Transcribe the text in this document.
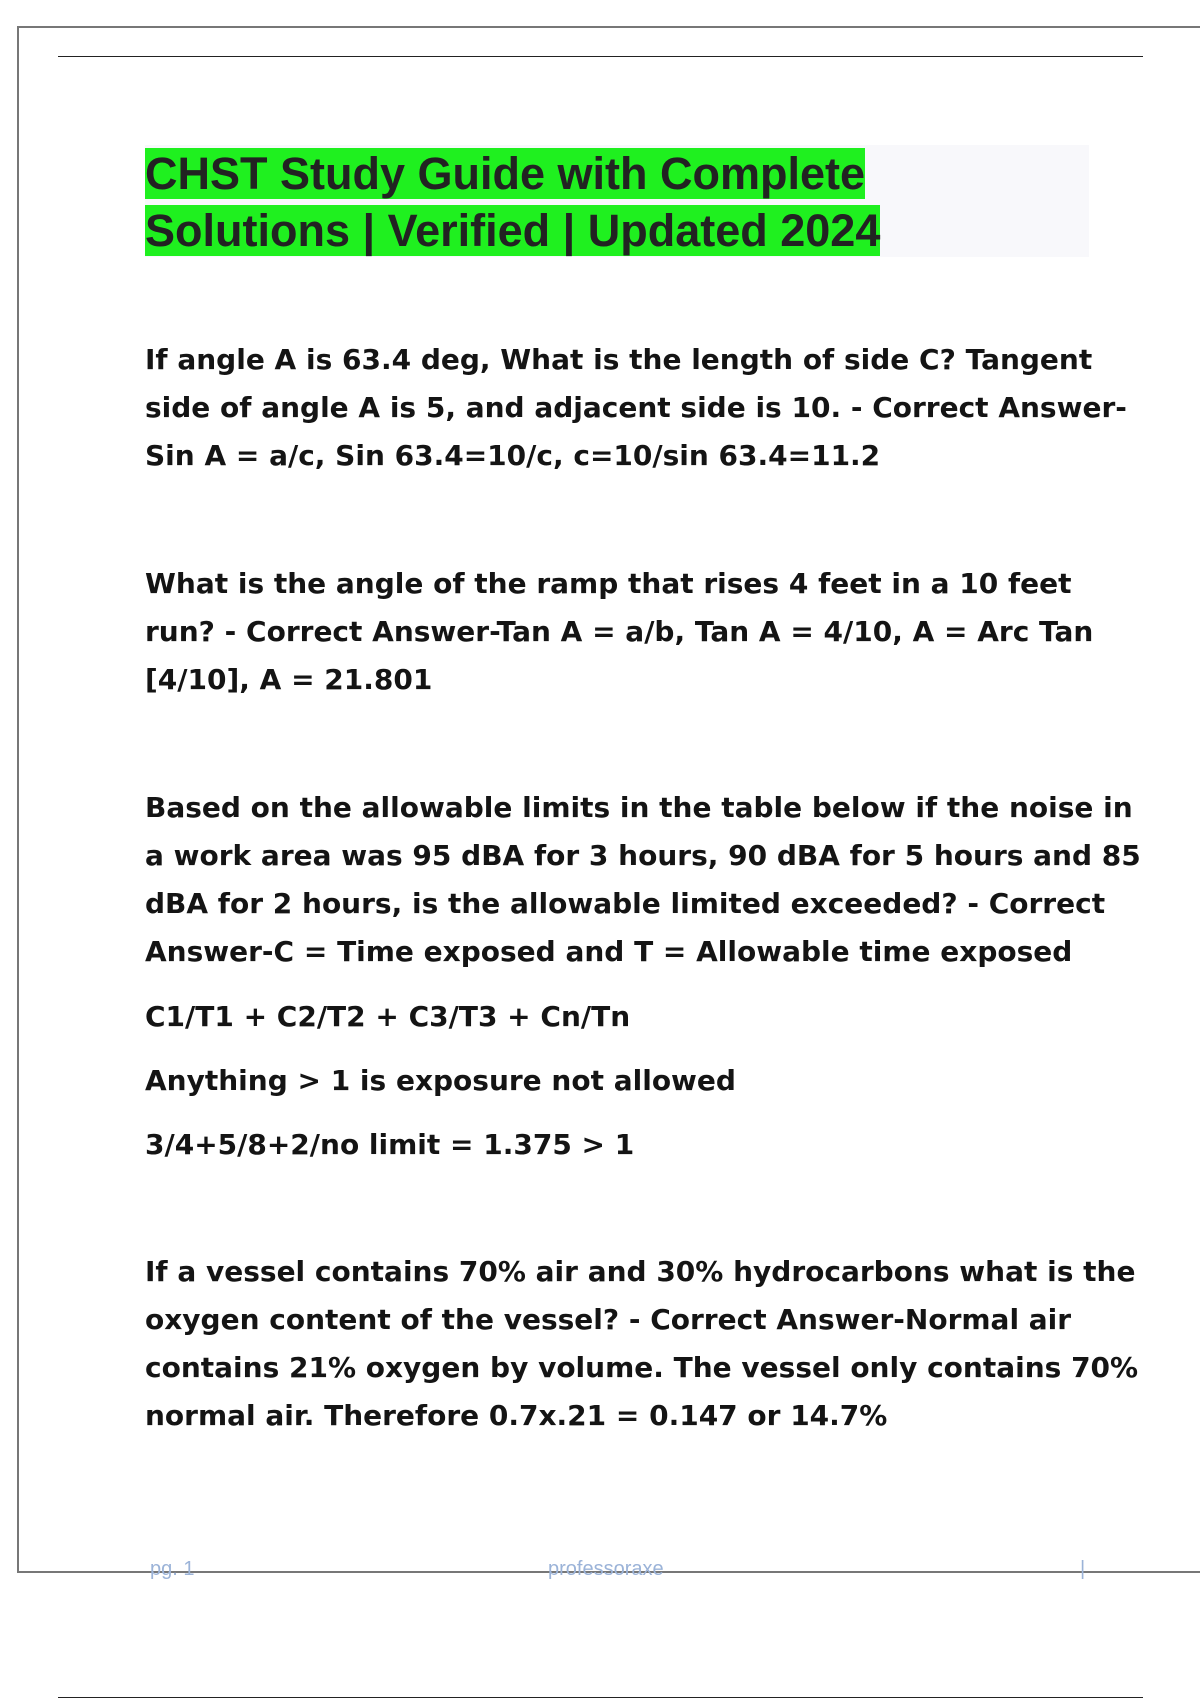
CHST Study Guide with Complete
Solutions | Verified | Updated 2024
If angle A is 63.4 deg, What is the length of side C? Tangent
side of angle A is 5, and adjacent side is 10. - Correct Answer-
Sin A = a/c, Sin 63.4=10/c, c=10/sin 63.4=11.2
What is the angle of the ramp that rises 4 feet in a 10 feet
run? - Correct Answer-Tan A = a/b, Tan A = 4/10, A = Arc Tan
[4/10], A = 21.801
Based on the allowable limits in the table below if the noise in
a work area was 95 dBA for 3 hours, 90 dBA for 5 hours and 85
dBA for 2 hours, is the allowable limited exceeded? - Correct
Answer-C = Time exposed and T = Allowable time exposed
C1/T1 + C2/T2 + C3/T3 + Cn/Tn
Anything > 1 is exposure not allowed
3/4+5/8+2/no limit = 1.375 > 1
If a vessel contains 70% air and 30% hydrocarbons what is the
oxygen content of the vessel? - Correct Answer-Normal air
contains 21% oxygen by volume. The vessel only contains 70%
normal air. Therefore 0.7x.21 = 0.147 or 14.7%
pg. 1	professoraxe	|
